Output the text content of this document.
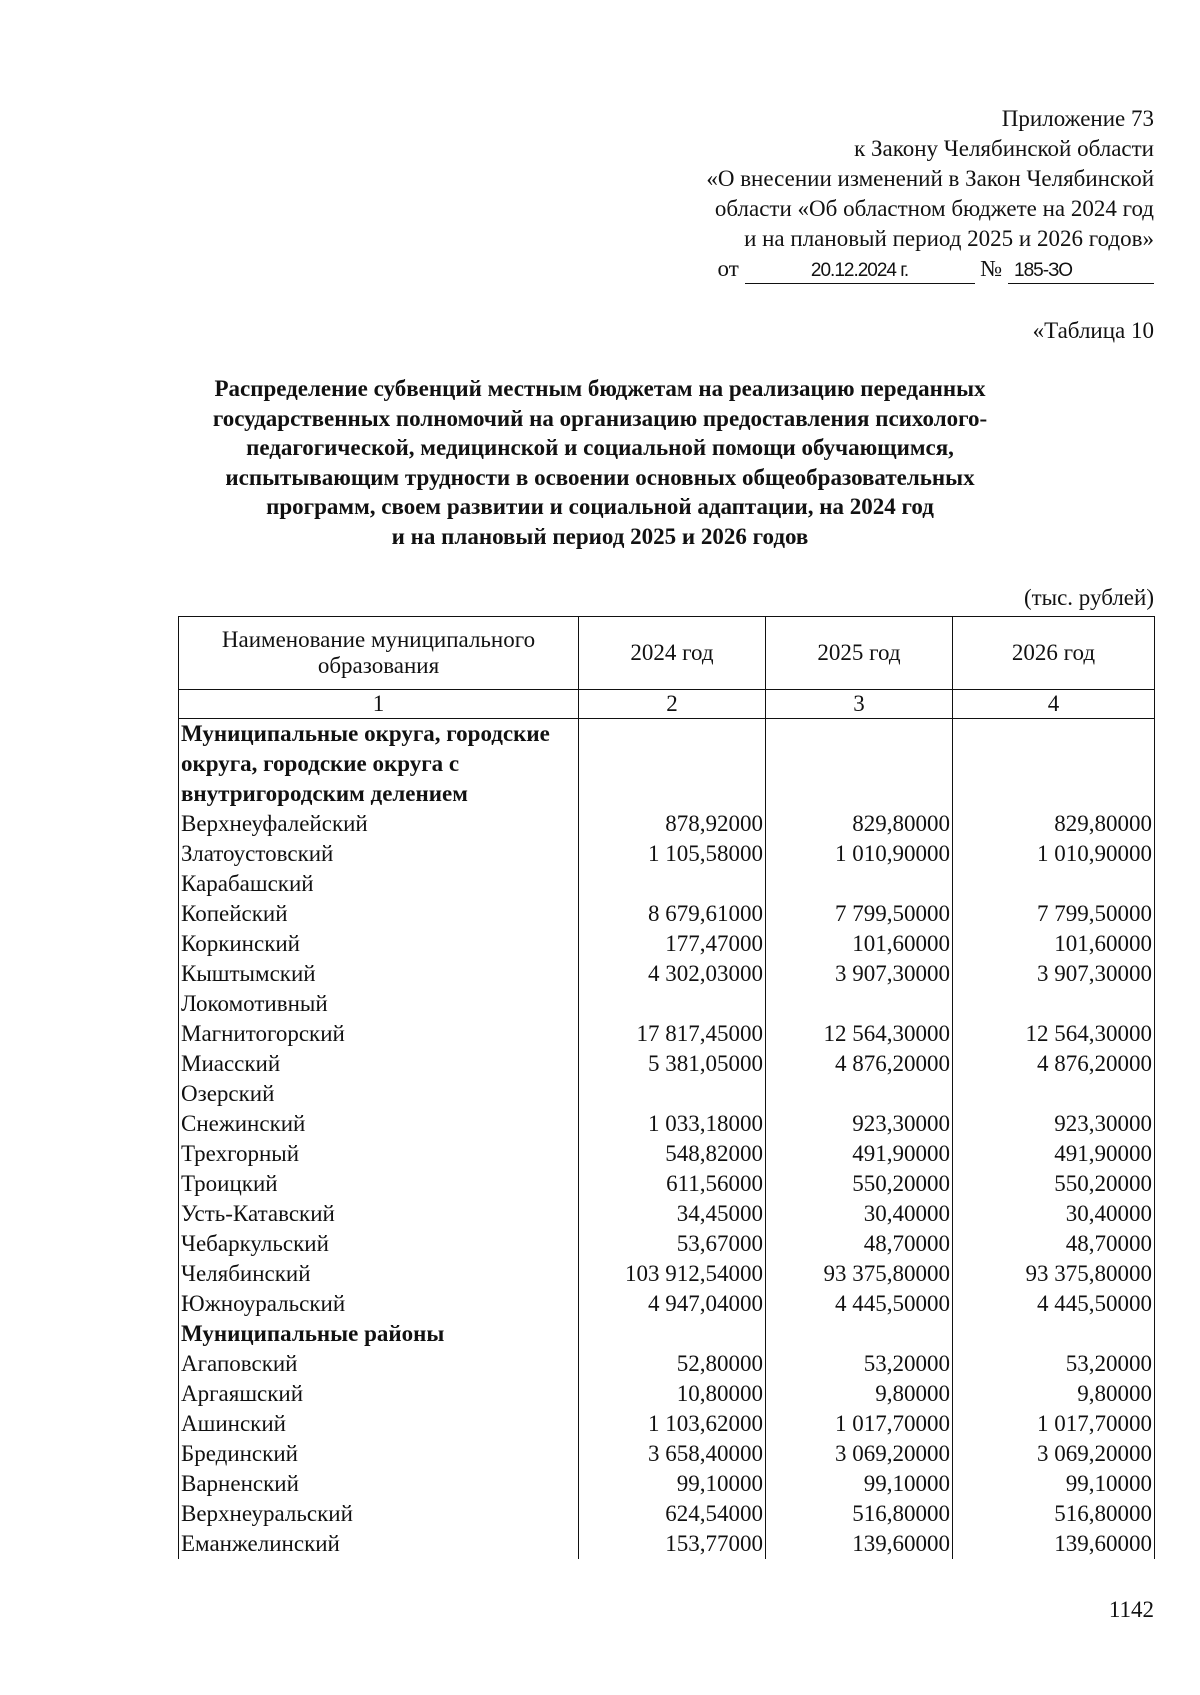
Приложение 73
к Закону Челябинской области
«О внесении изменений в Закон Челябинской
области «Об областном бюджете на 2024 год
и на плановый период 2025 и 2026 годов»
от	20.12.2024 г.	№ 185-ЗО
«Таблица 10
Распределение субвенций местным бюджетам на реализацию переданных
государственных полномочий на организацию предоставления психолого-
педагогической, медицинской и социальной помощи обучающимся,
испытывающим трудности в освоении основных общеобразовательных
программ, своем развитии и социальной адаптации, на 2024 год
и на плановый период 2025 и 2026 годов
(тыс. рублей)
Наименование муниципального образования	2024 год	2025 год	2026 год
1	2	3	4
Муниципальные округа, городские округа, городские округа с внутригородским делением			
Верхнеуфалейский	878,92000	829,80000	829,80000
Златоустовский	1 105,58000	1 010,90000	1 010,90000
Карабашский			
Копейский	8 679,61000	7 799,50000	7 799,50000
Коркинский	177,47000	101,60000	101,60000
Кыштымский	4 302,03000	3 907,30000	3 907,30000
Локомотивный			
Магнитогорский	17 817,45000	12 564,30000	12 564,30000
Миасский	5 381,05000	4 876,20000	4 876,20000
Озерский			
Снежинский	1 033,18000	923,30000	923,30000
Трехгорный	548,82000	491,90000	491,90000
Троицкий	611,56000	550,20000	550,20000
Усть-Катавский	34,45000	30,40000	30,40000
Чебаркульский	53,67000	48,70000	48,70000
Челябинский	103 912,54000	93 375,80000	93 375,80000
Южноуральский	4 947,04000	4 445,50000	4 445,50000
Муниципальные районы			
Агаповский	52,80000	53,20000	53,20000
Аргаяшский	10,80000	9,80000	9,80000
Ашинский	1 103,62000	1 017,70000	1 017,70000
Брединский	3 658,40000	3 069,20000	3 069,20000
Варненский	99,10000	99,10000	99,10000
Верхнеуральский	624,54000	516,80000	516,80000
Еманжелинский	153,77000	139,60000	139,60000
1142
